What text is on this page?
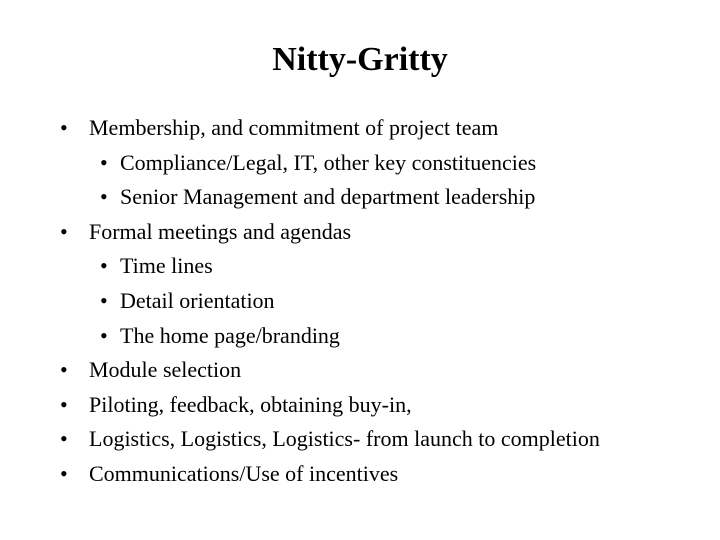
Nitty-Gritty
• Membership, and commitment of project team
• Compliance/Legal, IT, other key constituencies
• Senior Management and department leadership
• Formal meetings and agendas
• Time lines
• Detail orientation
• The home page/branding
• Module selection
• Piloting, feedback, obtaining buy-in,
• Logistics, Logistics, Logistics- from launch to completion
• Communications/Use of incentives
